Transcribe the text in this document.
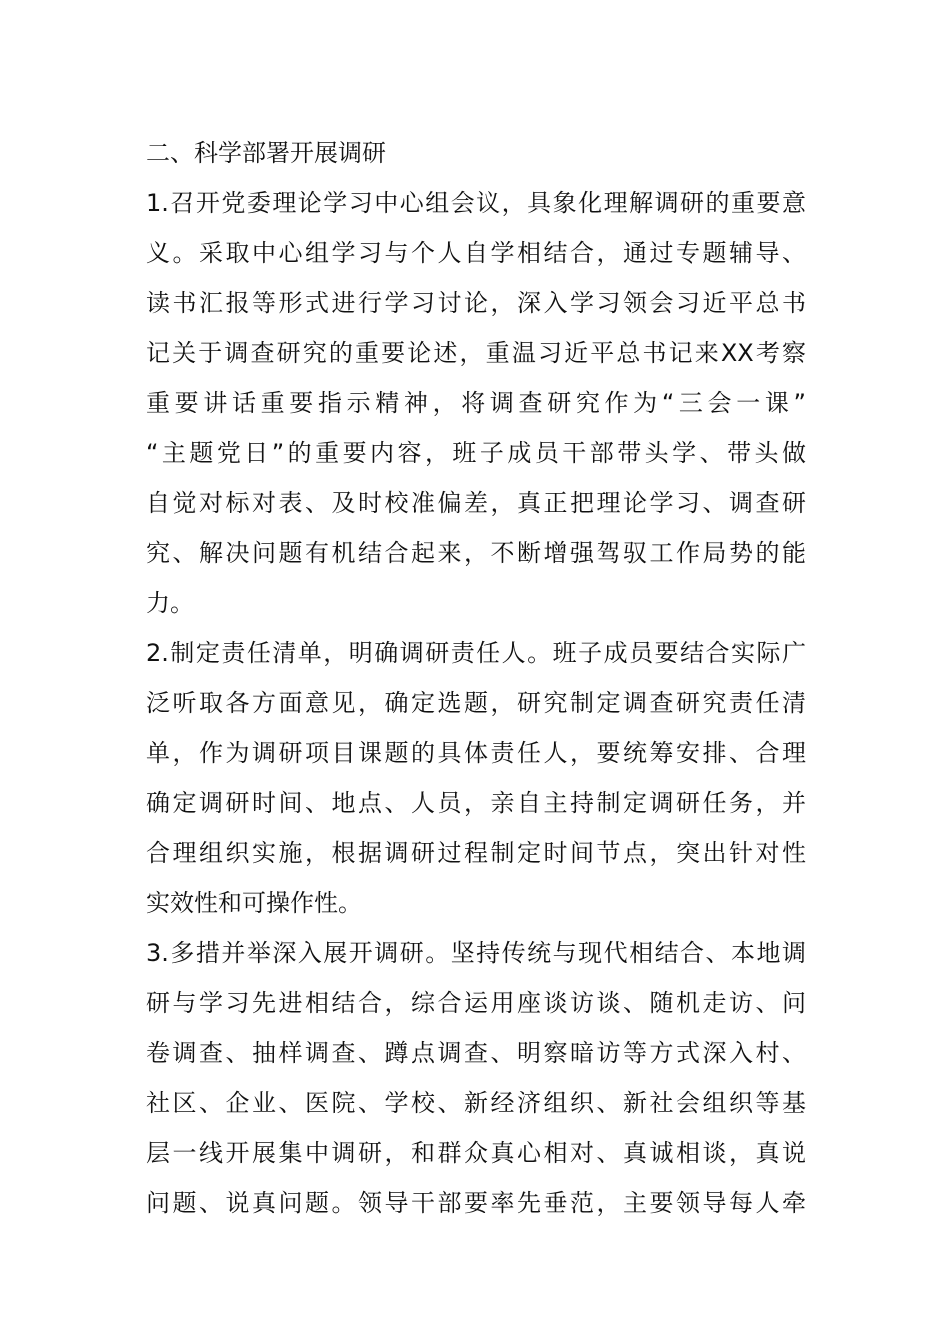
二、科学部署开展调研
1.召开党委理论学习中心组会议，具象化理解调研的重要意
义。采取中心组学习与个人自学相结合，通过专题辅导、
读书汇报等形式进行学习讨论，深入学习领会习近平总书
记关于调查研究的重要论述，重温习近平总书记来XX考察
重要讲话重要指示精神，将调查研究作为“三会一课”
“主题党日”的重要内容，班子成员干部带头学、带头做
自觉对标对表、及时校准偏差，真正把理论学习、调查研
究、解决问题有机结合起来，不断增强驾驭工作局势的能
力。
2.制定责任清单，明确调研责任人。班子成员要结合实际广
泛听取各方面意见，确定选题，研究制定调查研究责任清
单，作为调研项目课题的具体责任人，要统筹安排、合理
确定调研时间、地点、人员，亲自主持制定调研任务，并
合理组织实施，根据调研过程制定时间节点，突出针对性
实效性和可操作性。
3.多措并举深入展开调研。坚持传统与现代相结合、本地调
研与学习先进相结合，综合运用座谈访谈、随机走访、问
卷调查、抽样调查、蹲点调查、明察暗访等方式深入村、
社区、企业、医院、学校、新经济组织、新社会组织等基
层一线开展集中调研，和群众真心相对、真诚相谈，真说
问题、说真问题。领导干部要率先垂范，主要领导每人牵
